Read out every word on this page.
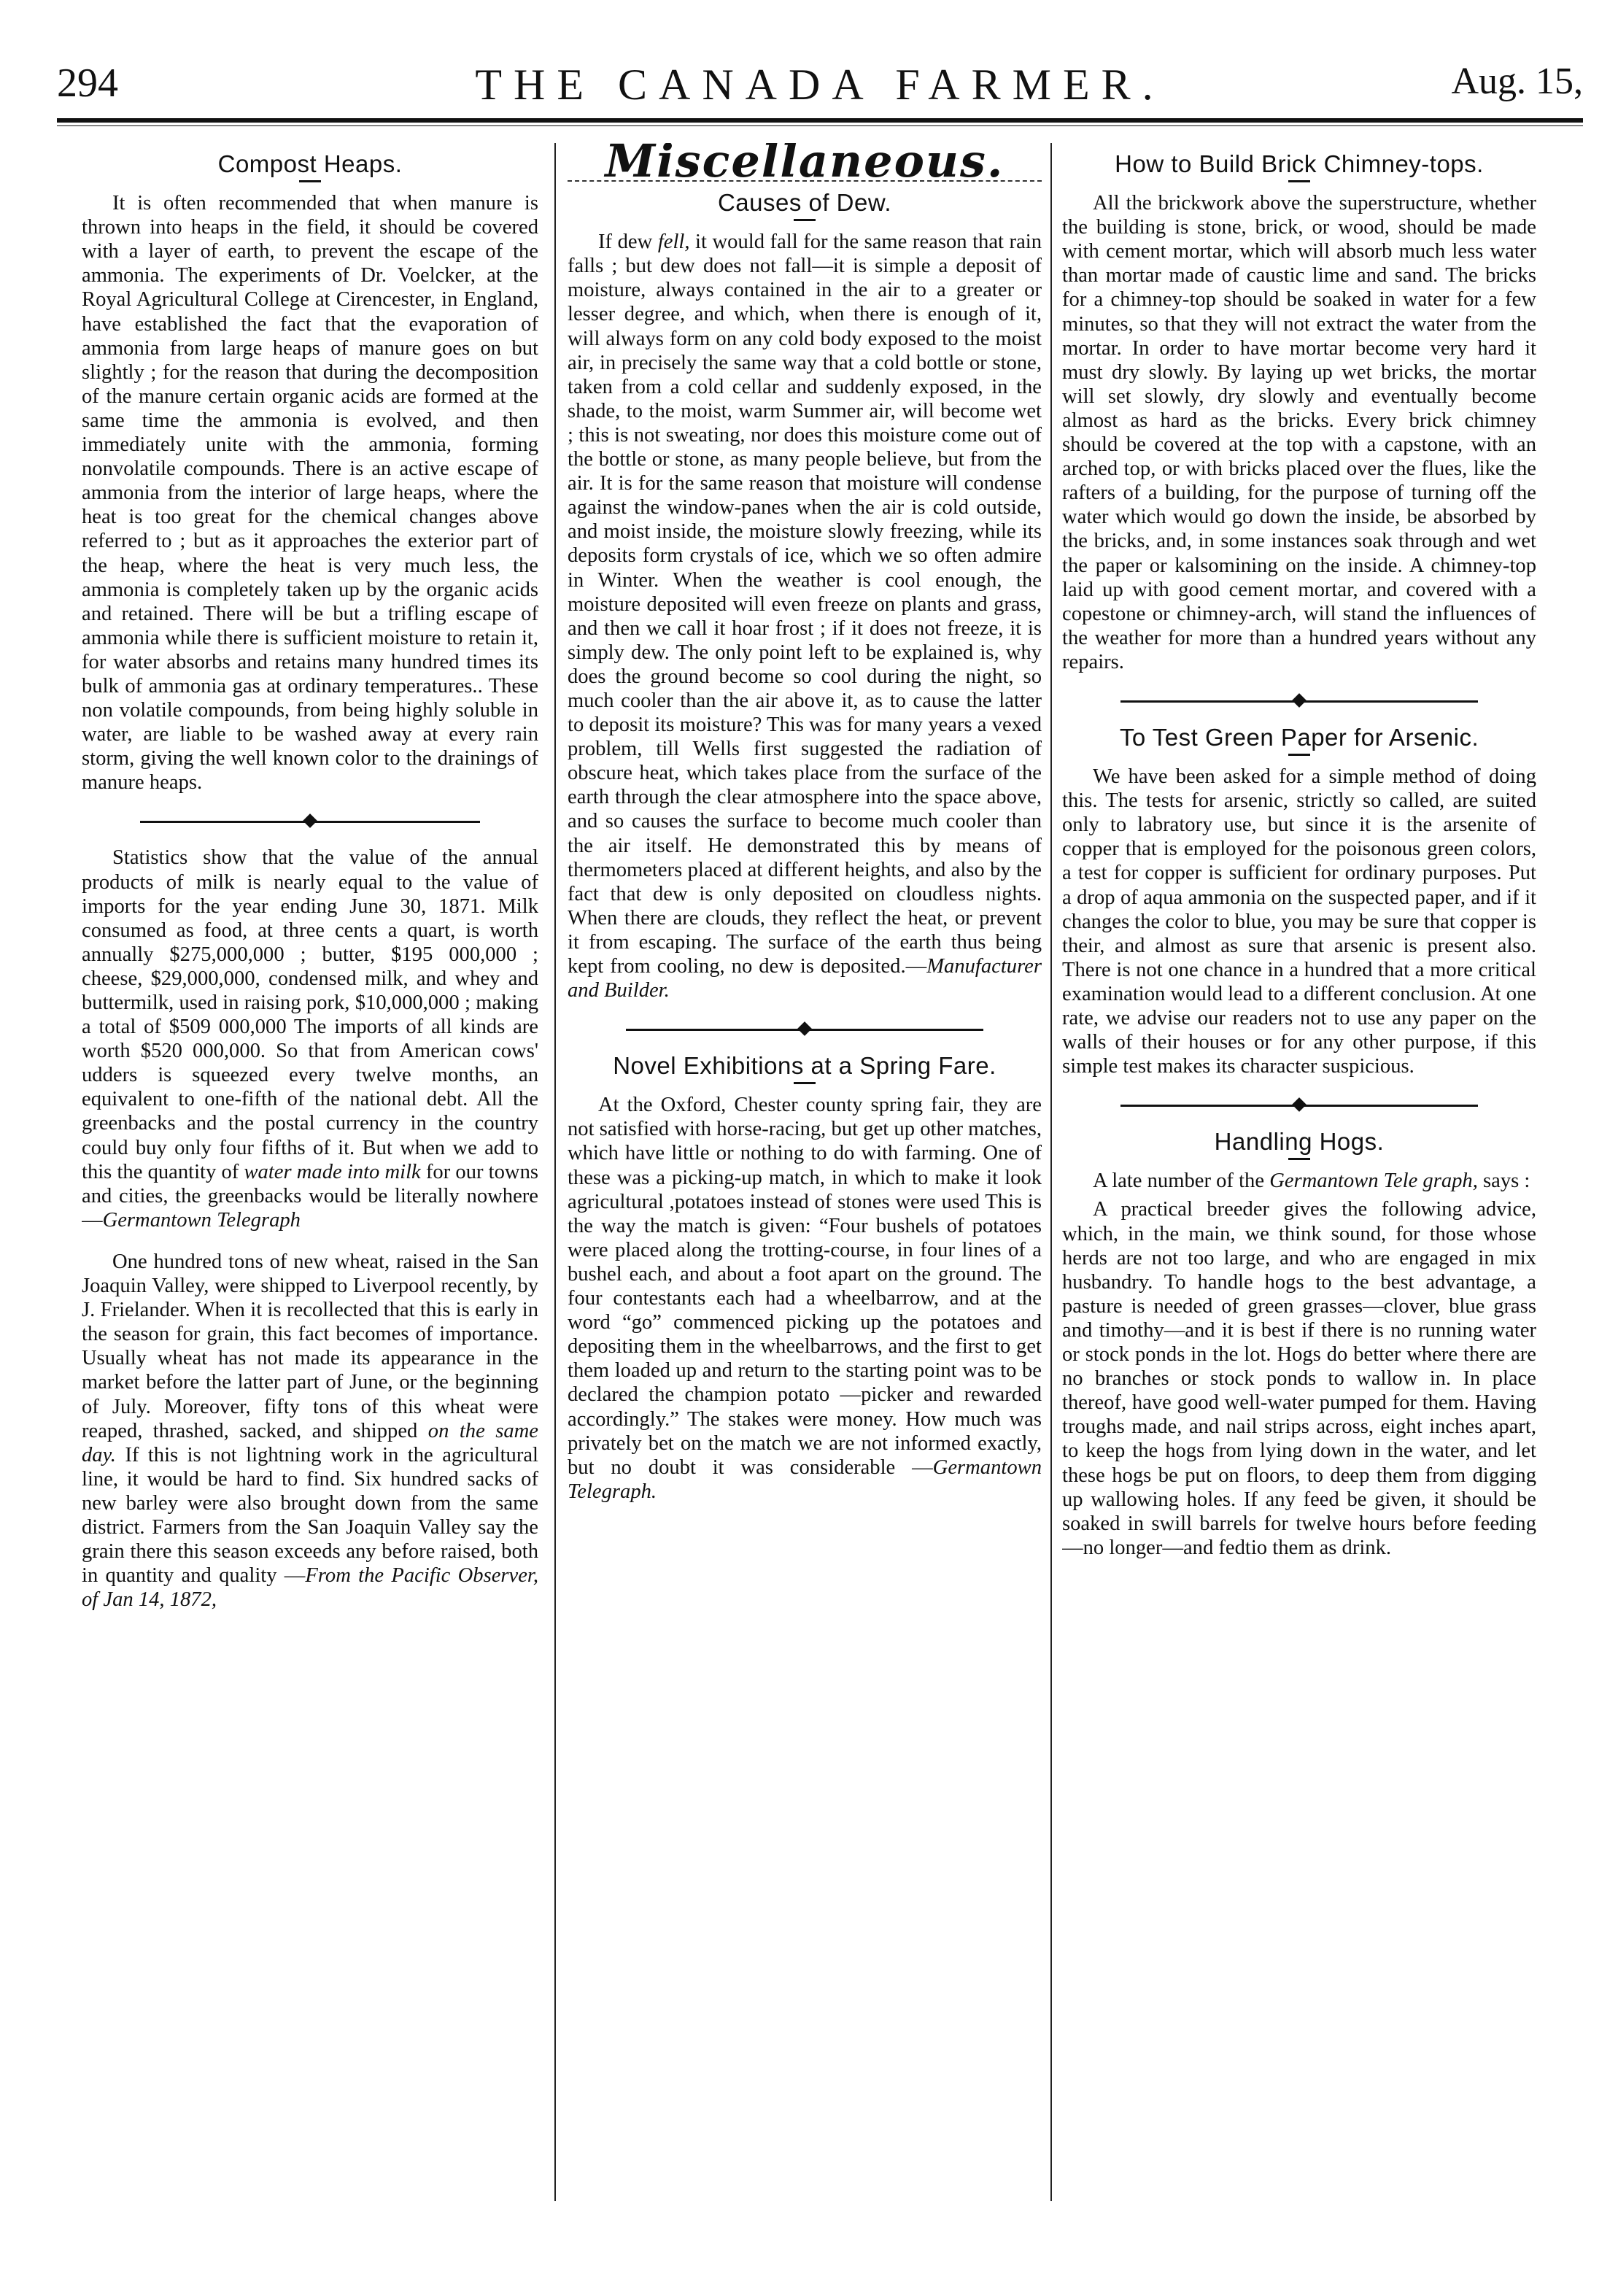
294	THE CANADA FARMER.	Aug. 15,
Compost Heaps.

It is often recommended that when manure is thrown into heaps in the field, it should be covered with a layer of earth, to prevent the escape of the ammonia. The experiments of Dr. Voelcker, at the Royal Agricultural College at Cirencester, in England, have established the fact that the evaporation of ammonia from large heaps of manure goes on but slightly ; for the reason that during the decomposition of the manure certain organic acids are formed at the same time the ammonia is evolved, and then immediately unite with the ammonia, forming nonvolatile compounds. There is an active escape of ammonia from the interior of large heaps, where the heat is too great for the chemical changes above referred to ; but as it approaches the exterior part of the heap, where the heat is very much less, the ammonia is completely taken up by the organic acids and retained. There will be but a trifling escape of ammonia while there is sufficient moisture to retain it, for water absorbs and retains many hundred times its bulk of ammonia gas at ordinary temperatures.. These non volatile compounds, from being highly soluble in water, are liable to be washed away at every rain storm, giving the well known color to the drainings of manure heaps.

Statistics show that the value of the annual products of milk is nearly equal to the value of imports for the year ending June 30, 1871. Milk consumed as food, at three cents a quart, is worth annually $275,000,000 ; butter, $195 000,000 ; cheese, $29,000,000, condensed milk, and whey and buttermilk, used in raising pork, $10,000,000 ; making a total of $509 000,000 The imports of all kinds are worth $520 000,000. So that from American cows' udders is squeezed every twelve months, an equivalent to one-fifth of the national debt. All the greenbacks and the postal currency in the country could buy only four fifths of it. But when we add to this the quantity of water made into milk for our towns and cities, the greenbacks would be literally nowhere —Germantown Telegraph

One hundred tons of new wheat, raised in the San Joaquin Valley, were shipped to Liverpool recently, by J. Frielander. When it is recollected that this is early in the season for grain, this fact becomes of importance. Usually wheat has not made its appearance in the market before the latter part of June, or the beginning of July. Moreover, fifty tons of this wheat were reaped, thrashed, sacked, and shipped on the same day. If this is not lightning work in the agricultural line, it would be hard to find. Six hundred sacks of new barley were also brought down from the same district. Farmers from the San Joaquin Valley say the grain there this season exceeds any before raised, both in quantity and quality —From the Pacific Observer, of Jan 14, 1872,

Miscellaneous.
Causes of Dew.

If dew fell, it would fall for the same reason that rain falls ; but dew does not fall—it is simple a deposit of moisture, always contained in the air to a greater or lesser degree, and which, when there is enough of it, will always form on any cold body exposed to the moist air, in precisely the same way that a cold bottle or stone, taken from a cold cellar and suddenly exposed, in the shade, to the moist, warm Summer air, will become wet ; this is not sweating, nor does this moisture come out of the bottle or stone, as many people believe, but from the air. It is for the same reason that moisture will condense against the window-panes when the air is cold outside, and moist inside, the moisture slowly freezing, while its deposits form crystals of ice, which we so often admire in Winter. When the weather is cool enough, the moisture deposited will even freeze on plants and grass, and then we call it hoar frost ; if it does not freeze, it is simply dew. The only point left to be explained is, why does the ground become so cool during the night, so much cooler than the air above it, as to cause the latter to deposit its moisture? This was for many years a vexed problem, till Wells first suggested the radiation of obscure heat, which takes place from the surface of the earth through the clear atmosphere into the space above, and so causes the surface to become much cooler than the air itself. He demonstrated this by means of thermometers placed at different heights, and also by the fact that dew is only deposited on cloudless nights. When there are clouds, they reflect the heat, or prevent it from escaping. The surface of the earth thus being kept from cooling, no dew is deposited.—Manufacturer and Builder.

Novel Exhibitions at a Spring Fare.

At the Oxford, Chester county spring fair, they are not satisfied with horse-racing, but get up other matches, which have little or nothing to do with farming. One of these was a picking-up match, in which to make it look agricultural ,potatoes instead of stones were used This is the way the match is given: “Four bushels of potatoes were placed along the trotting-course, in four lines of a bushel each, and about a foot apart on the ground. The four contestants each had a wheelbarrow, and at the word “go” commenced picking up the potatoes and depositing them in the wheelbarrows, and the first to get them loaded up and return to the starting point was to be declared the champion potato —picker and rewarded accordingly.” The stakes were money. How much was privately bet on the match we are not informed exactly, but no doubt it was considerable —Germantown Telegraph.

How to Build Brick Chimney-tops.

All the brickwork above the superstructure, whether the building is stone, brick, or wood, should be made with cement mortar, which will absorb much less water than mortar made of caustic lime and sand. The bricks for a chimney-top should be soaked in water for a few minutes, so that they will not extract the water from the mortar. In order to have mortar become very hard it must dry slowly. By laying up wet bricks, the mortar will set slowly, dry slowly and eventually become almost as hard as the bricks. Every brick chimney should be covered at the top with a capstone, with an arched top, or with bricks placed over the flues, like the rafters of a building, for the purpose of turning off the water which would go down the inside, be absorbed by the bricks, and, in some instances soak through and wet the paper or kalsomining on the inside. A chimney-top laid up with good cement mortar, and covered with a copestone or chimney-arch, will stand the influences of the weather for more than a hundred years without any repairs.

To Test Green Paper for Arsenic.

We have been asked for a simple method of doing this. The tests for arsenic, strictly so called, are suited only to labratory use, but since it is the arsenite of copper that is employed for the poisonous green colors, a test for copper is sufficient for ordinary purposes. Put a drop of aqua ammonia on the suspected paper, and if it changes the color to blue, you may be sure that copper is their, and almost as sure that arsenic is present also. There is not one chance in a hundred that a more critical examination would lead to a different conclusion. At one rate, we advise our readers not to use any paper on the walls of their houses or for any other purpose, if this simple test makes its character suspicious.

Handling Hogs.

A late number of the Germantown Tele graph, says :

A practical breeder gives the following advice, which, in the main, we think sound, for those whose herds are not too large, and who are engaged in mix husbandry. To handle hogs to the best advantage, a pasture is needed of green grasses—clover, blue grass and timothy—and it is best if there is no running water or stock ponds in the lot. Hogs do better where there are no branches or stock ponds to wallow in. In place thereof, have good well-water pumped for them. Having troughs made, and nail strips across, eight inches apart, to keep the hogs from lying down in the water, and let these hogs be put on floors, to deep them from digging up wallowing holes. If any feed be given, it should be soaked in swill barrels for twelve hours before feeding—no longer—and fedtio them as drink.
